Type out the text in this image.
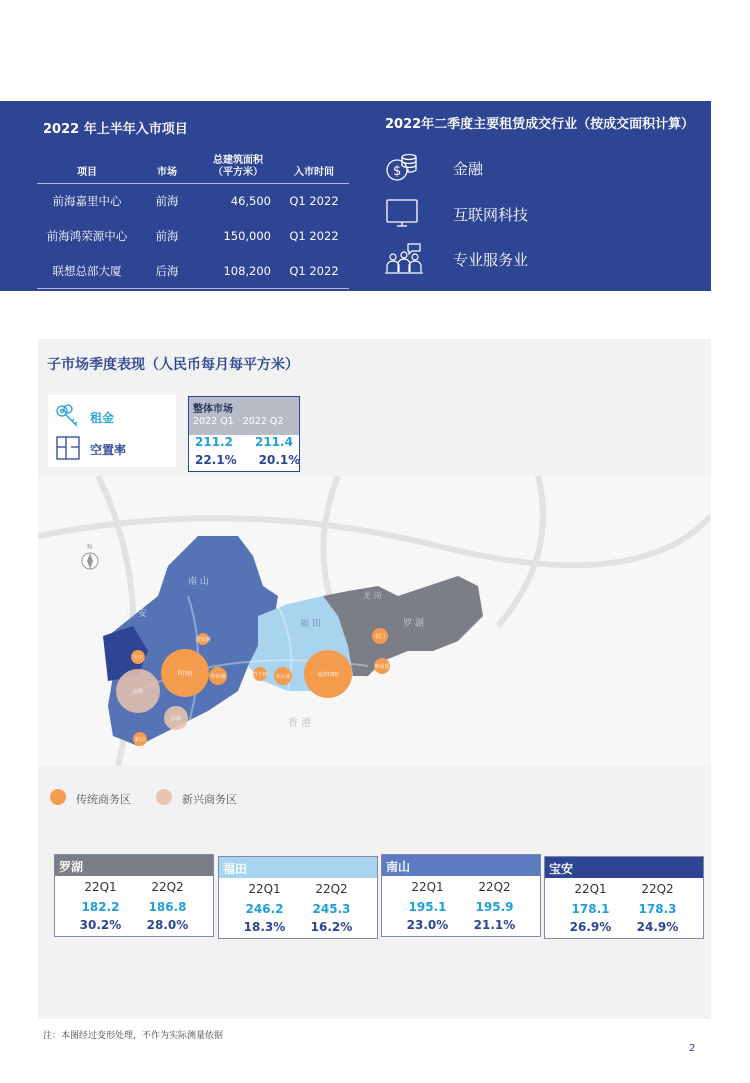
2022 年上半年入市项目
项目	市场	总建筑面积
（平方米）	入市时间
前海嘉里中心	前海	46,500	Q1 2022
前海鸿荣源中心	前海	150,000	Q1 2022
联想总部大厦	后海	108,200	Q1 2022
2022年二季度主要租赁成交行业（按成交面积计算）
$	金融
互联网科技
专业服务业
子市场季度表现（人民币每月每平方米）
租金
空置率
整体市场
2022 Q1 2022 Q2
211.2 211.4
22.1% 20.1%
南 山
宝 安
福 田	罗 湖
龙 岗
香 港
N
前海
科技园
后海
蛇口
宝中
留仙洞
华侨城	车公庙	福田CBD
东门
蔡屋围
竹子林
传统商务区	新兴商务区
罗湖
22Q1	22Q2
182.2 186.8
30.2% 28.0%
福田
22Q1	22Q2
246.2 245.3
18.3% 16.2%
南山
22Q1	22Q2
195.1 195.9
23.0% 21.1%
宝安
22Q1	22Q2
178.1 178.3
26.9% 24.9%
注：本图经过变形处理，不作为实际测量依据
2
